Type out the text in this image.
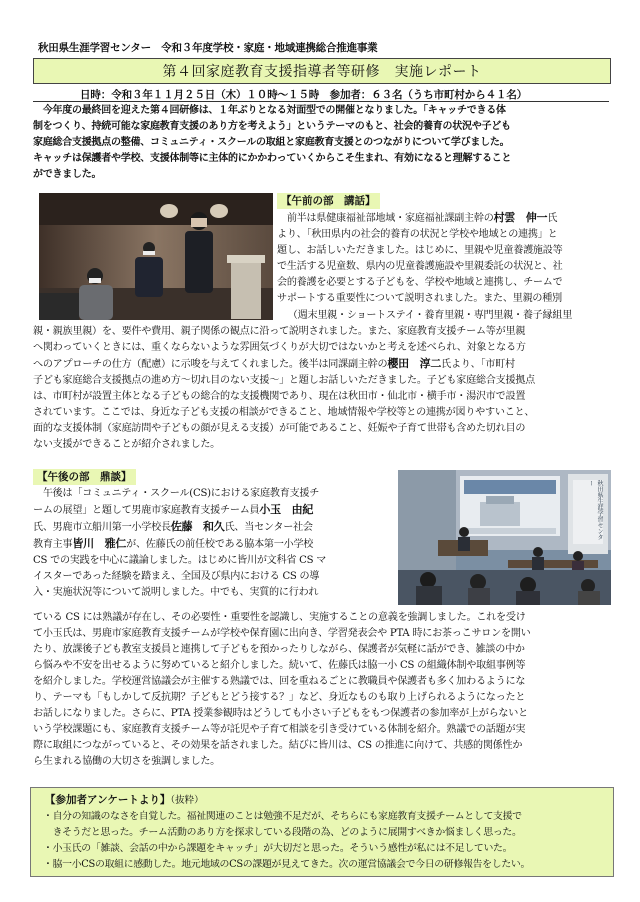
秋田県生涯学習センター　令和３年度学校・家庭・地域連携総合推進事業
第４回家庭教育支援指導者等研修　実施レポート
日時：令和３年１１月２５日（木）１０時～１５時　参加者：６３名（うち市町村から４１名）
　今年度の最終回を迎えた第４回研修は、１年ぶりとなる対面型での開催となりました。「キャッチできる体
制をつくり、持続可能な家庭教育支援のあり方を考えよう」というテーマのもと、社会的養育の状況や子ども
家庭総合支援拠点の整備、コミュニティ・スクールの取組と家庭教育支援とのつながりについて学びました。
キャッチは保護者や学校、支援体制等に主体的にかかわっていくからこそ生まれ、有効になると理解すること
ができました。
【午前の部　講話】
　前半は県健康福祉部地域・家庭福祉課副主幹の村雲　伸一氏
より、「秋田県内の社会的養育の状況と学校や地域との連携」と
題し、お話しいただきました。はじめに、里親や児童養護施設等
で生活する児童数、県内の児童養護施設や里親委託の状況と、社
会的養護を必要とする子どもを、学校や地域と連携し、チームで
サポートする重要性について説明されました。また、里親の種別
　（週末里親・ショートステイ・養育里親・専門里親・養子縁組里
親・親族里親）を、要件や費用、親子関係の観点に沿って説明されました。また、家庭教育支援チーム等が里親
へ関わっていくときには、重くならないような雰囲気づくりが大切ではないかと考えを述べられ、対象となる方
へのアプローチの仕方（配慮）に示唆を与えてくれました。後半は同課副主幹の櫻田　淳二氏より、「市町村
子ども家庭総合支援拠点の進め方～切れ目のない支援～」と題しお話しいただきました。子ども家庭総合支援拠点
は、市町村が設置主体となる子どもの総合的な支援機関であり、現在は秋田市・仙北市・横手市・湯沢市で設置
されています。ここでは、身近な子ども支援の相談ができること、地域情報や学校等との連携が図りやすいこと、
面的な支援体制（家庭訪問や子どもの顔が見える支援）が可能であること、妊娠や子育て世帯も含めた切れ目の
ない支援ができることが紹介されました。
【午後の部　鼎談】
　午後は「コミュニティ・スクール(CS)における家庭教育支援チ
ームの展望」と題して男鹿市家庭教育支援チーム員小玉　由紀
氏、男鹿市立船川第一小学校長佐藤　和久氏、当センター社会
教育主事皆川　雅仁が、佐藤氏の前任校である脇本第一小学校
CS での実践を中心に議論しました。はじめに皆川が文科省 CS マ
イスターであった経験を踏まえ、全国及び県内における CS の導
入・実施状況等について説明しました。中でも、実質的に行われ
秋田県生涯学習センター
ている CS には熟議が存在し、その必要性・重要性を認識し、実施することの意義を強調しました。これを受け
て小玉氏は、男鹿市家庭教育支援チームが学校や保育園に出向き、学習発表会や PTA 時にお茶っこサロンを開い
たり、放課後子ども教室支援員と連携して子どもを預かったりしながら、保護者が気軽に話ができ、雑談の中か
ら悩みや不安を出せるように努めていると紹介しました。続いて、佐藤氏は脇一小 CS の組織体制や取組事例等
を紹介しました。学校運営協議会が主催する熟議では、回を重ねるごとに教職員や保護者も多く加わるようにな
り、テーマも「もしかして反抗期？子どもとどう接する？」など、身近なものも取り上げられるようになったと
お話しになりました。さらに、PTA 授業参観時はどうしても小さい子どもをもつ保護者の参加率が上がらないと
いう学校課題にも、家庭教育支援チーム等が託児や子育て相談を引き受けている体制を紹介。熟議での話題が実
際に取組につながっていると、その効果を話されました。結びに皆川は、CS の推進に向けて、共感的関係性か
ら生まれる協働の大切さを強調しました。
【参加者アンケートより】（抜粋）
・自分の知識のなさを自覚した。福祉関連のことは勉強不足だが、そちらにも家庭教育支援チームとして支援で
　きそうだと思った。チーム活動のあり方を探求している段階の為、どのように展開すべきか悩ましく思った。
・小玉氏の「雑談、会話の中から課題をキャッチ」が大切だと思った。そういう感性が私には不足していた。
・脇一小CSの取組に感動した。地元地域のCSの課題が見えてきた。次の運営協議会で今日の研修報告をしたい。
